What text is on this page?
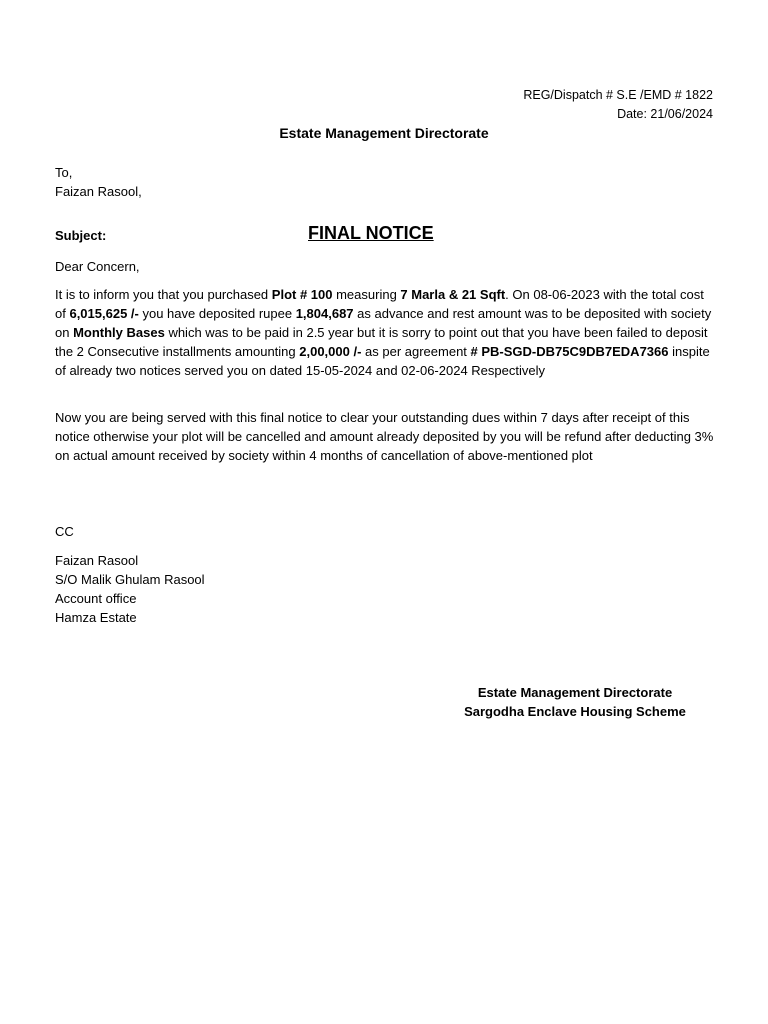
REG/Dispatch # S.E /EMD # 1822
Date: 21/06/2024
Estate Management Directorate
To,
Faizan Rasool,
Subject:	FINAL NOTICE
Dear Concern,

It is to inform you that you purchased Plot # 100 measuring 7 Marla & 21 Sqft. On 08-06-2023 with the total cost of 6,015,625 /- you have deposited rupee 1,804,687 as advance and rest amount was to be deposited with society on Monthly Bases which was to be paid in 2.5 year but it is sorry to point out that you have been failed to deposit the 2 Consecutive installments amounting 2,00,000 /- as per agreement # PB-SGD-DB75C9DB7EDA7366 inspite of already two notices served you on dated 15-05-2024 and 02-06-2024 Respectively

Now you are being served with this final notice to clear your outstanding dues within 7 days after receipt of this notice otherwise your plot will be cancelled and amount already deposited by you will be refund after deducting 3% on actual amount received by society within 4 months of cancellation of above-mentioned plot

CC
Faizan Rasool
S/O Malik Ghulam Rasool
Account office
Hamza Estate
Estate Management Directorate
Sargodha Enclave Housing Scheme
